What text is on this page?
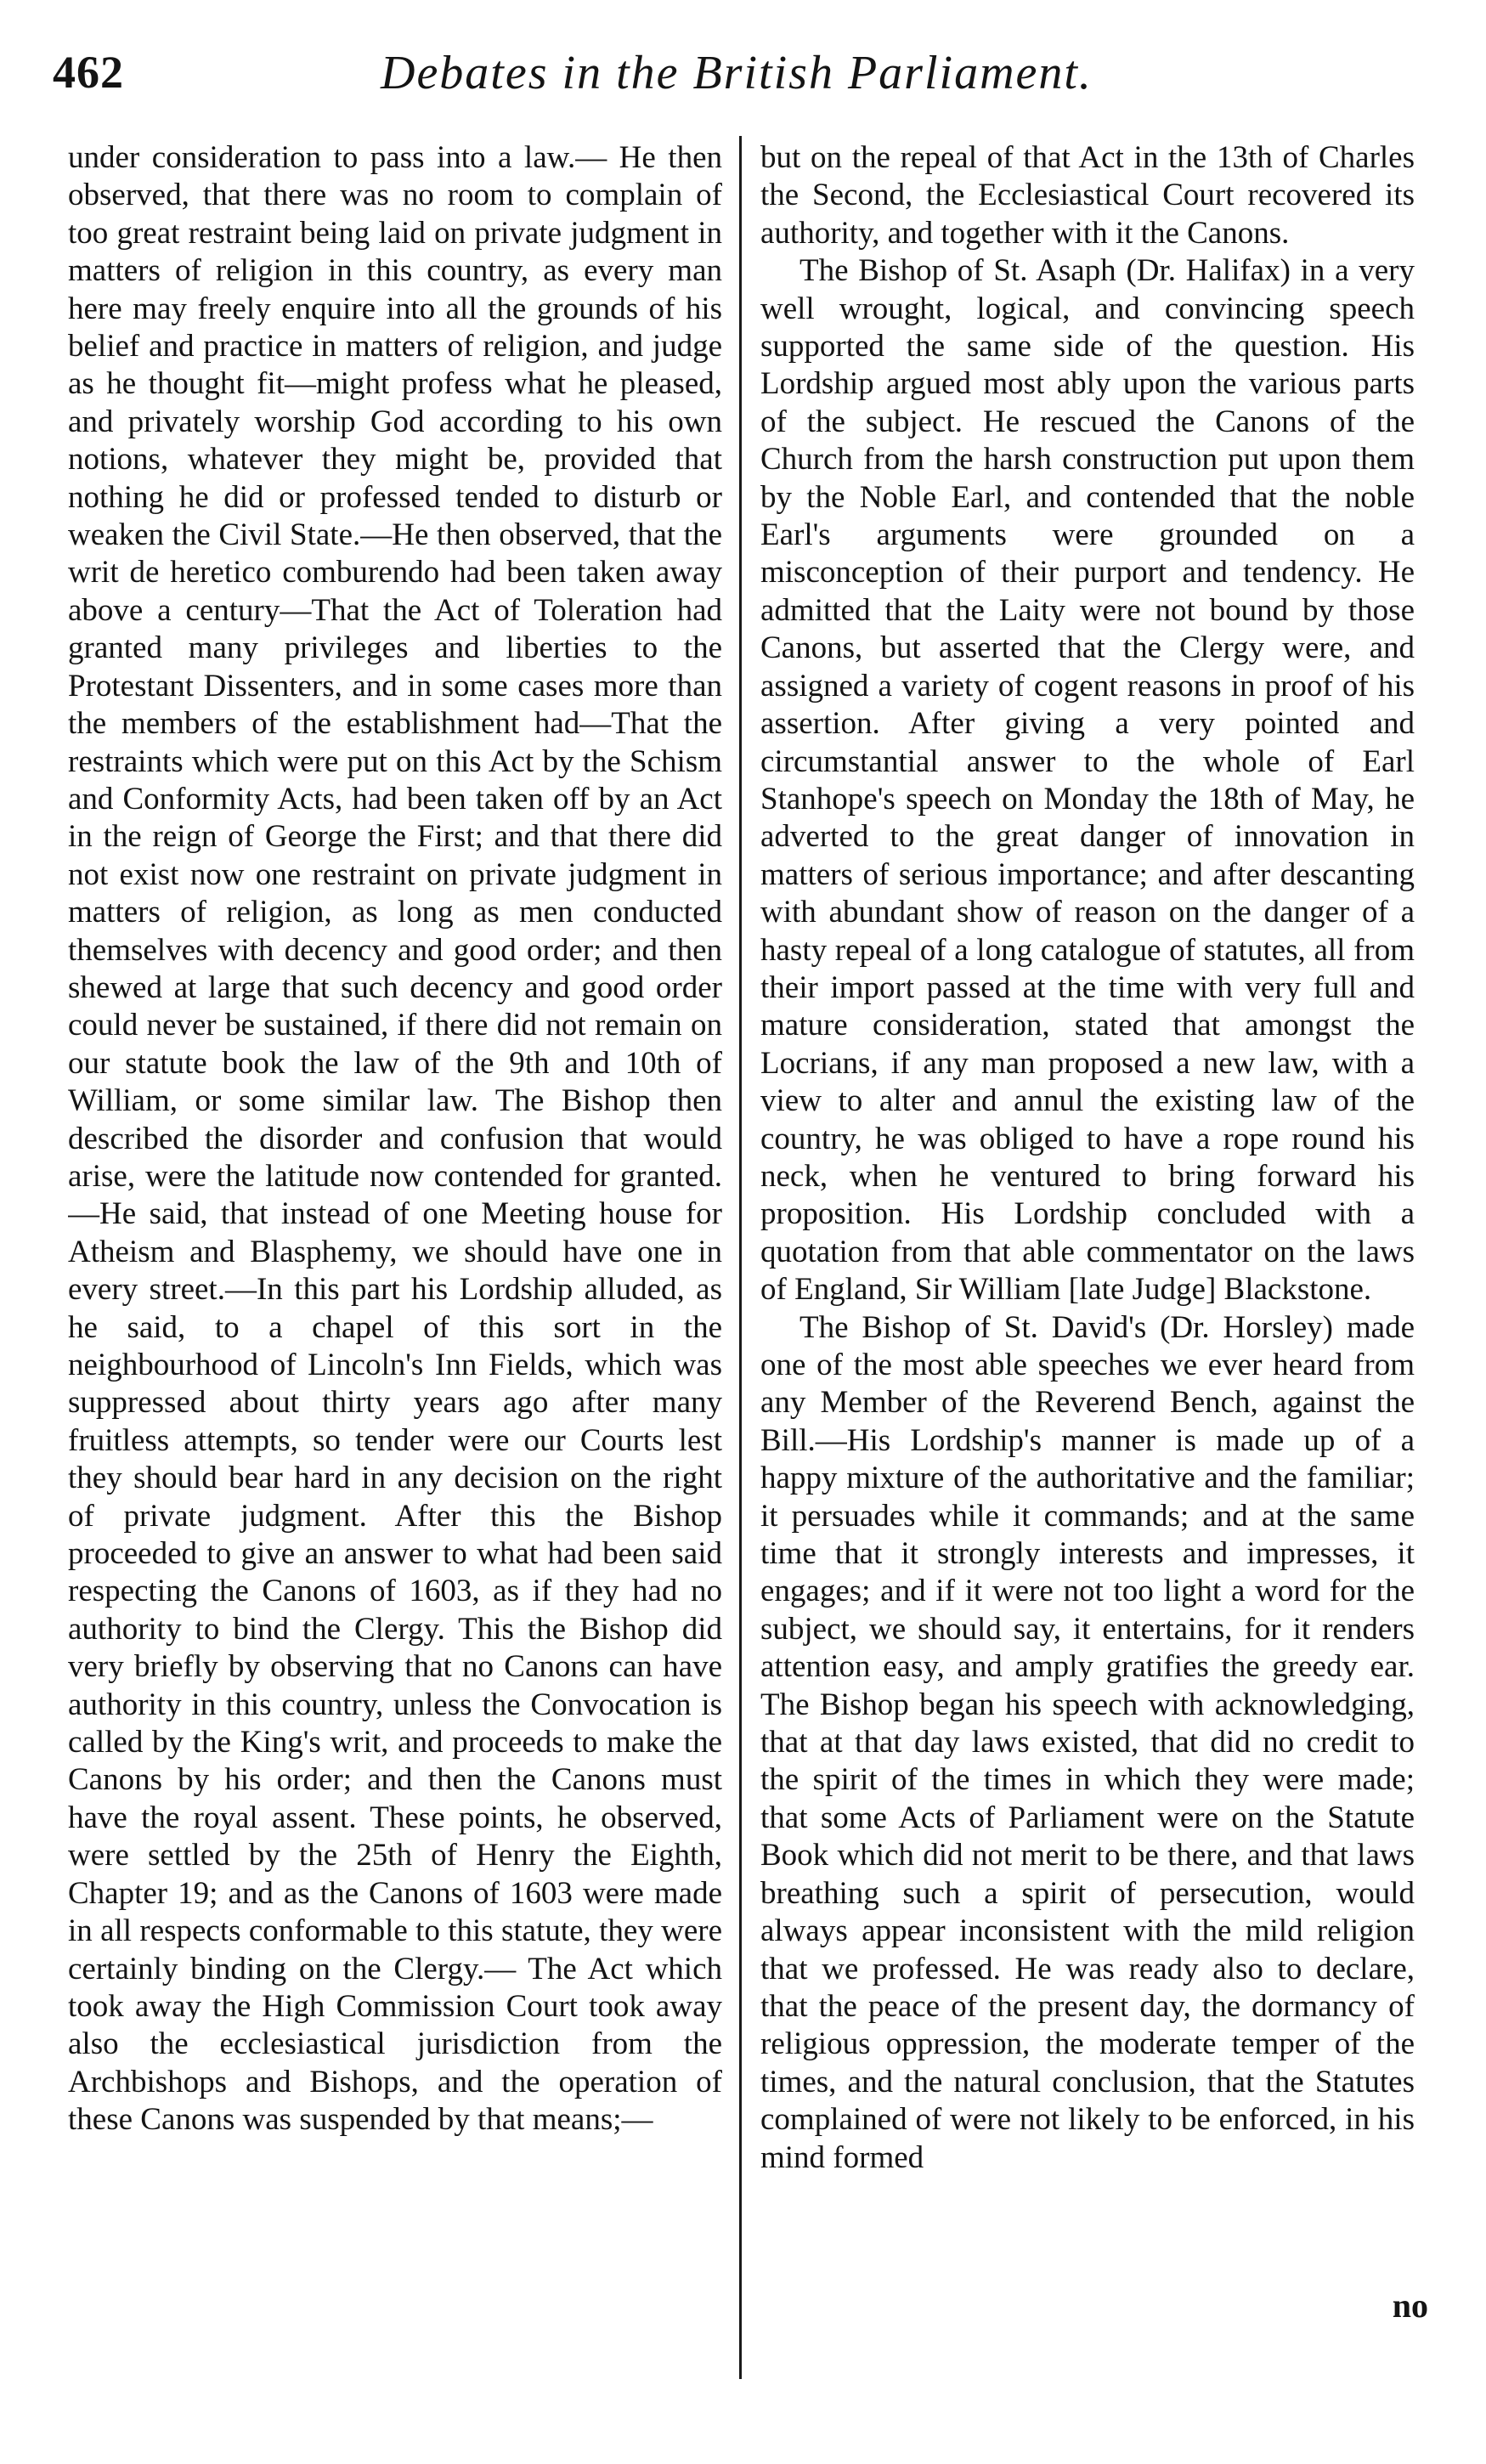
462	Debates in the British Parliament.

under consideration to pass into a law.— He then observed, that there was no room to complain of too great restraint being laid on private judgment in matters of religion in this country, as every man here may freely enquire into all the grounds of his belief and practice in matters of religion, and judge as he thought fit—might profess what he pleased, and privately worship God according to his own notions, whatever they might be, provided that nothing he did or professed tended to disturb or weaken the Civil State.—He then observed, that the writ de heretico comburendo had been taken away above a century—That the Act of Toleration had granted many privileges and liberties to the Protestant Dissenters, and in some cases more than the members of the establishment had—That the restraints which were put on this Act by the Schism and Conformity Acts, had been taken off by an Act in the reign of George the First; and that there did not exist now one restraint on private judgment in matters of religion, as long as men conducted themselves with decency and good order; and then shewed at large that such decency and good order could never be sustained, if there did not remain on our statute book the law of the 9th and 10th of William, or some similar law. The Bishop then described the disorder and confusion that would arise, were the latitude now contended for granted.—He said, that instead of one Meeting house for Atheism and Blasphemy, we should have one in every street.—In this part his Lordship alluded, as he said, to a chapel of this sort in the neighbourhood of Lincoln's Inn Fields, which was suppressed about thirty years ago after many fruitless attempts, so tender were our Courts lest they should bear hard in any decision on the right of private judgment. After this the Bishop proceeded to give an answer to what had been said respecting the Canons of 1603, as if they had no authority to bind the Clergy. This the Bishop did very briefly by observing that no Canons can have authority in this country, unless the Convocation is called by the King's writ, and proceeds to make the Canons by his order; and then the Canons must have the royal assent. These points, he observed, were settled by the 25th of Henry the Eighth, Chapter 19; and as the Canons of 1603 were made in all respects conformable to this statute, they were certainly binding on the Clergy.— The Act which took away the High Commission Court took away also the ecclesiastical jurisdiction from the Archbishops and Bishops, and the operation of these Canons was suspended by that means;—

but on the repeal of that Act in the 13th of Charles the Second, the Ecclesiastical Court recovered its authority, and together with it the Canons.

The Bishop of St. Asaph (Dr. Halifax) in a very well wrought, logical, and convincing speech supported the same side of the question. His Lordship argued most ably upon the various parts of the subject. He rescued the Canons of the Church from the harsh construction put upon them by the Noble Earl, and contended that the noble Earl's arguments were grounded on a misconception of their purport and tendency. He admitted that the Laity were not bound by those Canons, but asserted that the Clergy were, and assigned a variety of cogent reasons in proof of his assertion. After giving a very pointed and circumstantial answer to the whole of Earl Stanhope's speech on Monday the 18th of May, he adverted to the great danger of innovation in matters of serious importance; and after descanting with abundant show of reason on the danger of a hasty repeal of a long catalogue of statutes, all from their import passed at the time with very full and mature consideration, stated that amongst the Locrians, if any man proposed a new law, with a view to alter and annul the existing law of the country, he was obliged to have a rope round his neck, when he ventured to bring forward his proposition. His Lordship concluded with a quotation from that able commentator on the laws of England, Sir William [late Judge] Blackstone.

The Bishop of St. David's (Dr. Horsley) made one of the most able speeches we ever heard from any Member of the Reverend Bench, against the Bill.—His Lordship's manner is made up of a happy mixture of the authoritative and the familiar; it persuades while it commands; and at the same time that it strongly interests and impresses, it engages; and if it were not too light a word for the subject, we should say, it entertains, for it renders attention easy, and amply gratifies the greedy ear. The Bishop began his speech with acknowledging, that at that day laws existed, that did no credit to the spirit of the times in which they were made; that some Acts of Parliament were on the Statute Book which did not merit to be there, and that laws breathing such a spirit of persecution, would always appear inconsistent with the mild religion that we professed. He was ready also to declare, that the peace of the present day, the dormancy of religious oppression, the moderate temper of the times, and the natural conclusion, that the Statutes complained of were not likely to be enforced, in his mind formed

no
